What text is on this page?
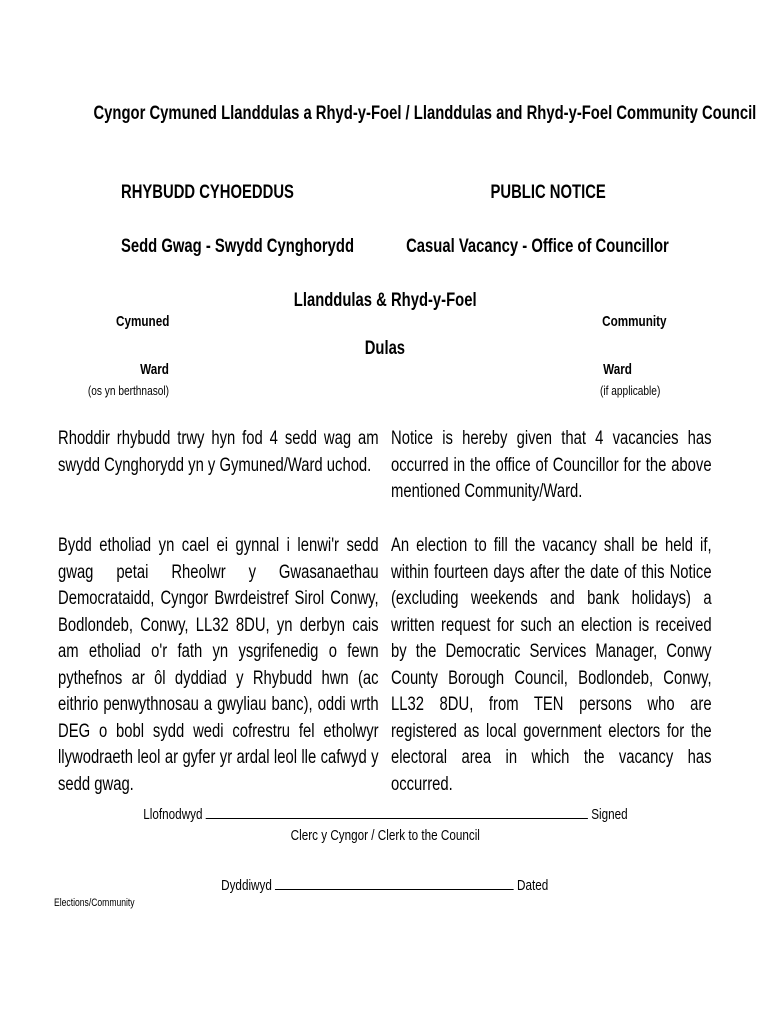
Cyngor Cymuned Llanddulas a Rhyd-y-Foel / Llanddulas and Rhyd-y-Foel Community Council
RHYBUDD CYHOEDDUS	PUBLIC NOTICE
Sedd Gwag - Swydd Cynghorydd	Casual Vacancy - Office of Councillor
Llanddulas & Rhyd-y-Foel
Cymuned	Community
Dulas
Ward	Ward
(os yn berthnasol)	(if applicable)
Rhoddir rhybudd trwy hyn fod 4 sedd wag am swydd Cynghorydd yn y Gymuned/Ward uchod.
Notice is hereby given that 4 vacancies has occurred in the office of Councillor for the above mentioned Community/Ward.
Bydd etholiad yn cael ei gynnal i lenwi'r sedd gwag petai Rheolwr y Gwasanaethau Democrataidd, Cyngor Bwrdeistref Sirol Conwy, Bodlondeb, Conwy, LL32 8DU, yn derbyn cais am etholiad o'r fath yn ysgrifenedig o fewn pythefnos ar ôl dyddiad y Rhybudd hwn (ac eithrio penwythnosau a gwyliau banc), oddi wrth DEG o bobl sydd wedi cofrestru fel etholwyr llywodraeth leol ar gyfer yr ardal leol lle cafwyd y sedd gwag.
An election to fill the vacancy shall be held if, within fourteen days after the date of this Notice (excluding weekends and bank holidays) a written request for such an election is received by the Democratic Services Manager, Conwy County Borough Council, Bodlondeb, Conwy, LL32 8DU, from TEN persons who are registered as local government electors for the electoral area in which the vacancy has occurred.
Llofnodwyd	Signed
Clerc y Cyngor / Clerk to the Council
Dyddiwyd	Dated
Elections/Community
